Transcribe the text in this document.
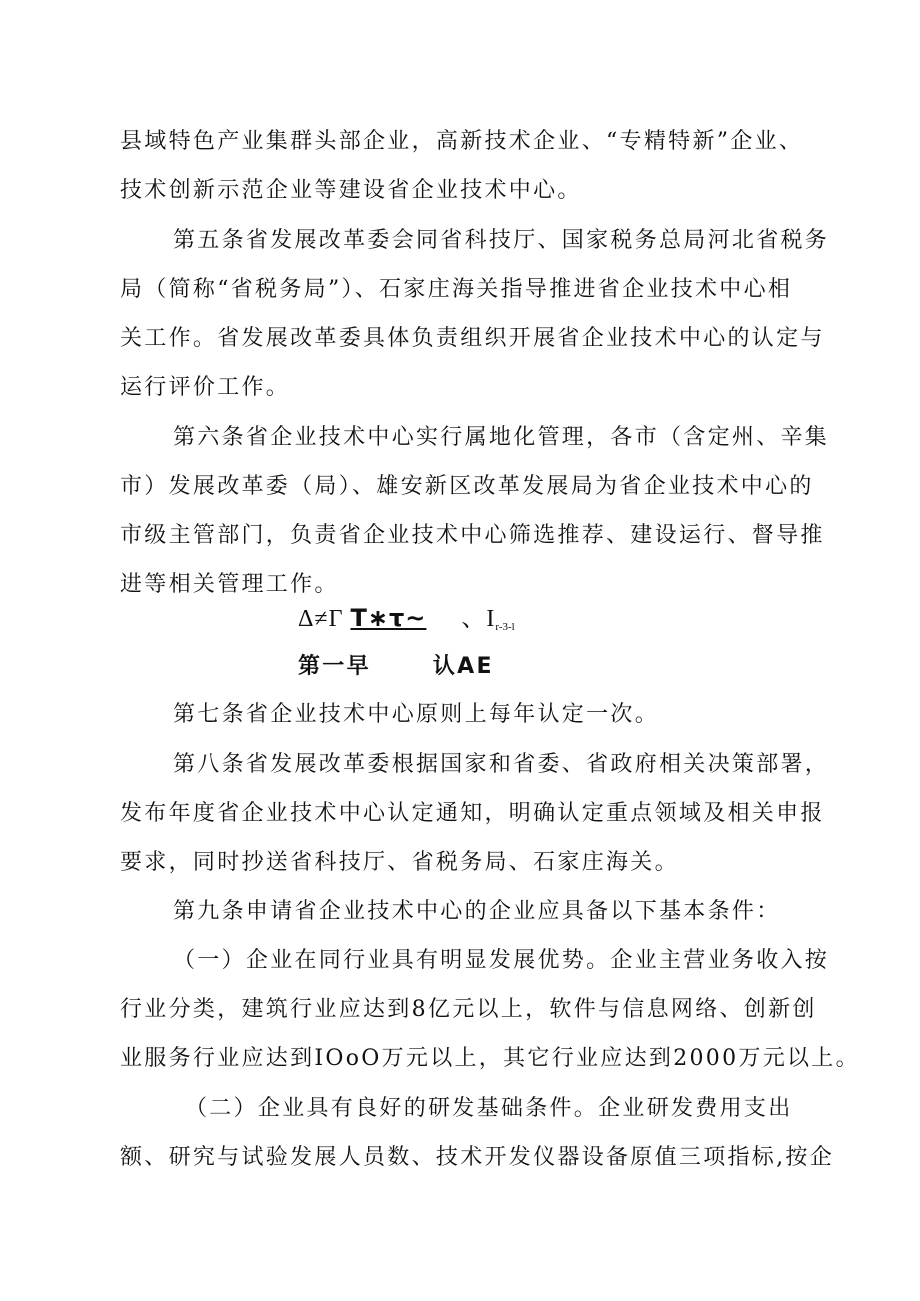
县域特色产业集群头部企业，高新技术企业、“专精特新”企业、
技术创新示范企业等建设省企业技术中心。
第五条省发展改革委会同省科技厅、国家税务总局河北省税务
局（简称“省税务局”）、石家庄海关指导推进省企业技术中心相
关工作。省发展改革委具体负责组织开展省企业技术中心的认定与
运行评价工作。
第六条省企业技术中心实行属地化管理，各市（含定州、辛集
市）发展改革委（局）、雄安新区改革发展局为省企业技术中心的
市级主管部门，负责省企业技术中心筛选推荐、建设运行、督导推
进等相关管理工作。
Δ≠Γ T∗τ~ 、$I_{r-3-l}$
第一早	认AE
第七条省企业技术中心原则上每年认定一次。
第八条省发展改革委根据国家和省委、省政府相关决策部署，
发布年度省企业技术中心认定通知，明确认定重点领域及相关申报
要求，同时抄送省科技厅、省税务局、石家庄海关。
第九条申请省企业技术中心的企业应具备以下基本条件：
（一）企业在同行业具有明显发展优势。企业主营业务收入按
行业分类，建筑行业应达到8亿元以上，软件与信息网络、创新创
业服务行业应达到IOoO万元以上，其它行业应达到2000万元以上。
（二）企业具有良好的研发基础条件。企业研发费用支出
额、研究与试验发展人员数、技术开发仪器设备原值三项指标,按企
